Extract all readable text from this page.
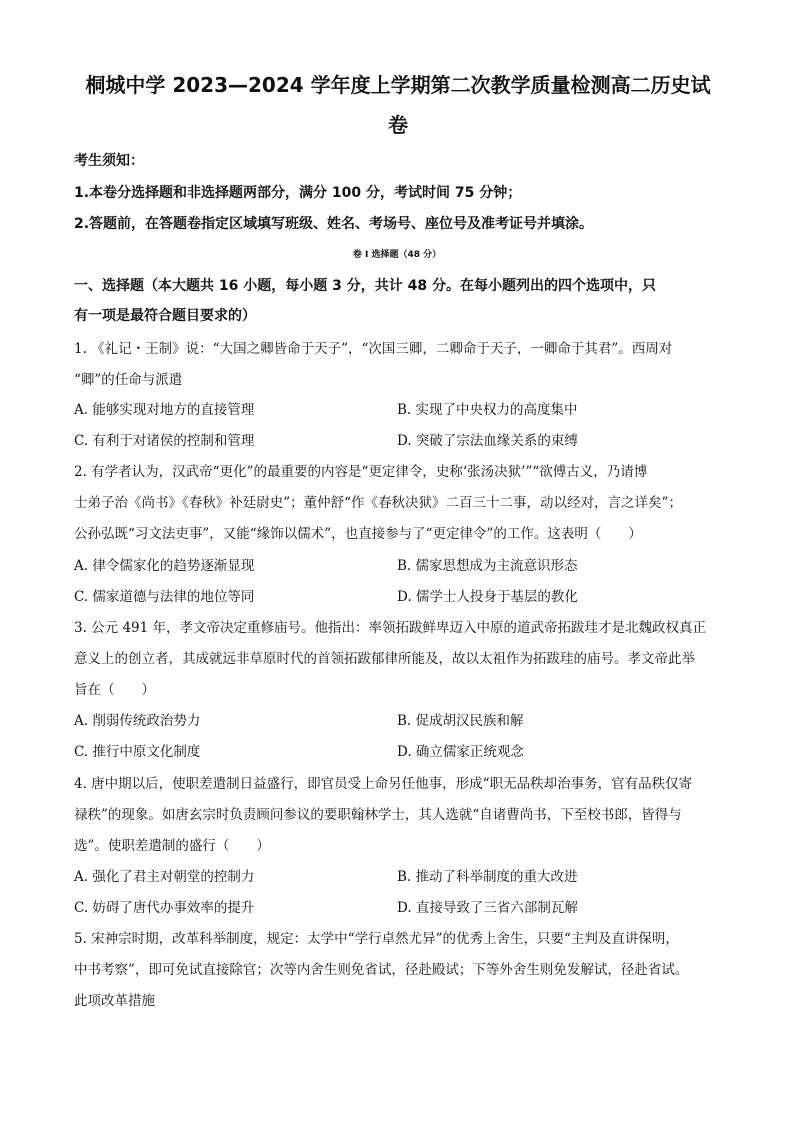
桐城中学 2023—2024 学年度上学期第二次教学质量检测高二历史试
卷
考生须知：
1.本卷分选择题和非选择题两部分，满分 100 分，考试时间 75 分钟；
2.答题前，在答题卷指定区域填写班级、姓名、考场号、座位号及准考证号并填涂。
卷 I 选择题（48 分）
一、选择题（本大题共 16 小题，每小题 3 分，共计 48 分。在每小题列出的四个选项中，只
有一项是最符合题目要求的）
1. 《礼记・王制》说：“大国之卿皆命于天子”，“次国三卿，二卿命于天子，一卿命于其君”。西周对
“卿”的任命与派遣
A. 能够实现对地方的直接管理	B. 实现了中央权力的高度集中
C. 有利于对诸侯的控制和管理	D. 突破了宗法血缘关系的束缚
2. 有学者认为，汉武帝“更化”的最重要的内容是“更定律令，史称‘张汤决狱’”“欲傅古义，乃请博
士弟子治《尚书》《春秋》补廷尉史”；董仲舒“作《春秋决狱》二百三十二事，动以经对，言之详矣”；
公孙弘既“习文法吏事”，又能“缘饰以儒术”，也直接参与了“更定律令”的工作。这表明（　　）
A. 律令儒家化的趋势逐渐显现	B. 儒家思想成为主流意识形态
C. 儒家道德与法律的地位等同	D. 儒学士人投身于基层的教化
3. 公元 491 年，孝文帝决定重修庙号。他指出：率领拓跋鲜卑迈入中原的道武帝拓跋珪才是北魏政权真正
意义上的创立者，其成就远非草原时代的首领拓跋郁律所能及，故以太祖作为拓跋珪的庙号。孝文帝此举
旨在（　　）
A. 削弱传统政治势力	B. 促成胡汉民族和解
C. 推行中原文化制度	D. 确立儒家正统观念
4. 唐中期以后，使职差遣制日益盛行，即官员受上命另任他事，形成“职无品秩却治事务，官有品秩仅寄
禄秩”的现象。如唐玄宗时负责顾问参议的要职翰林学士，其人选就“自诸曹尚书，下至校书郎，皆得与
选”。使职差遣制的盛行（　　）
A. 强化了君主对朝堂的控制力	B. 推动了科举制度的重大改进
C. 妨碍了唐代办事效率的提升	D. 直接导致了三省六部制瓦解
5. 宋神宗时期，改革科举制度，规定：太学中“学行卓然尤异”的优秀上舍生，只要“主判及直讲保明，
中书考察”，即可免试直接除官；次等内舍生则免省试，径赴殿试；下等外舍生则免发解试，径赴省试。
此项改革措施
